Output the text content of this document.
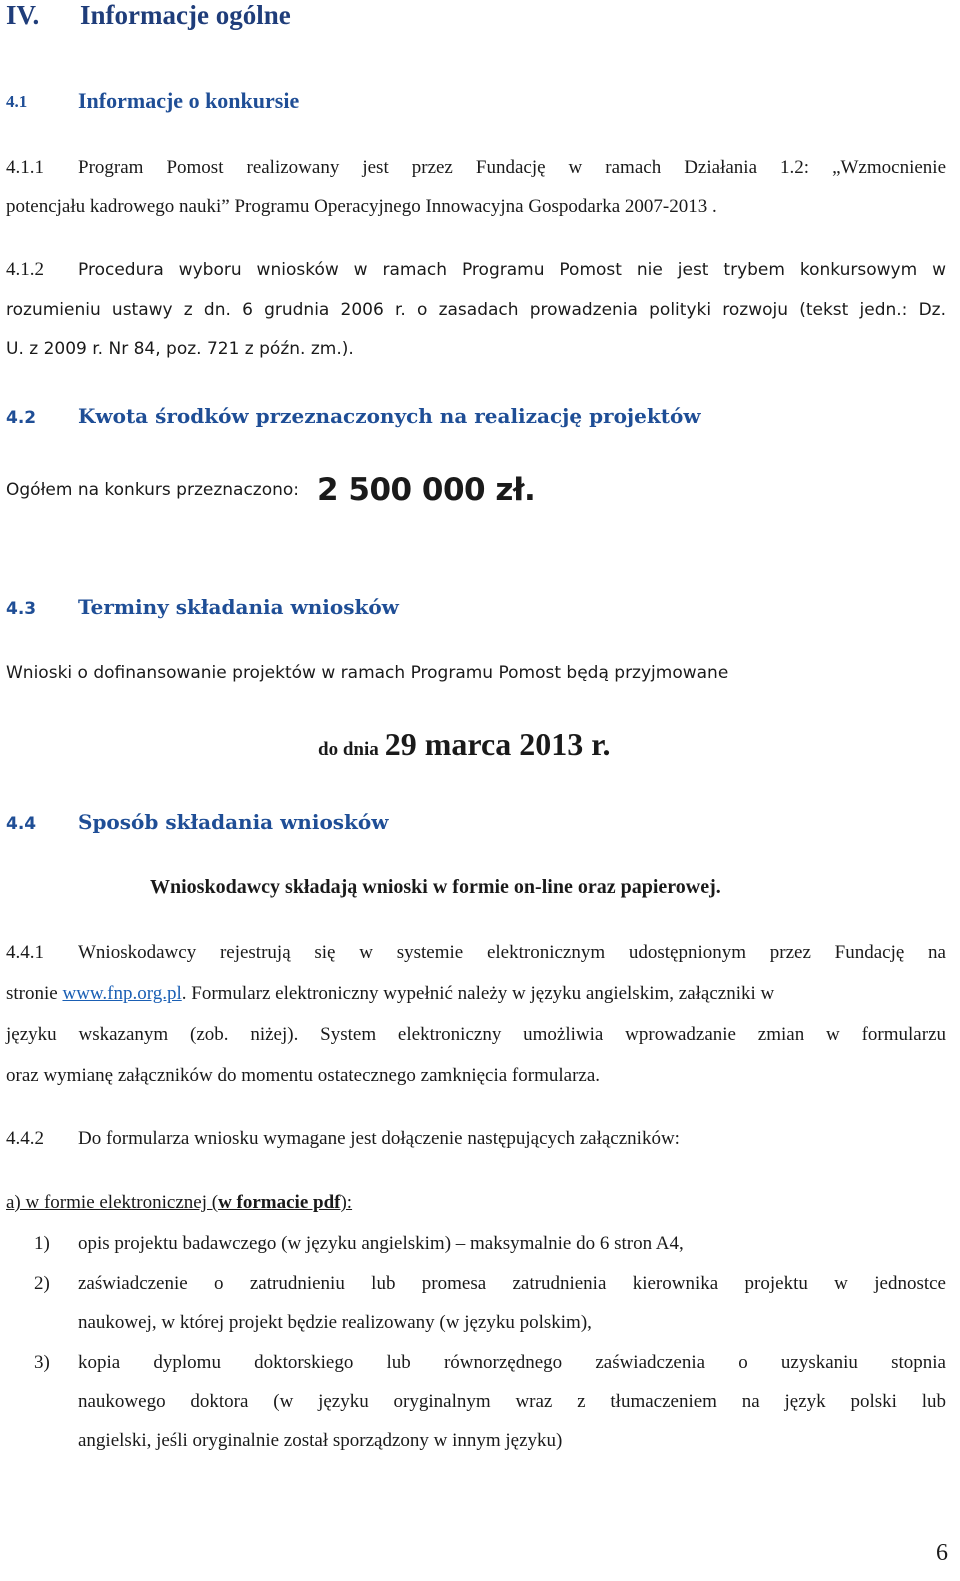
IV. Informacje ogólne
4.1 Informacje o konkursie
4.1.1 Program Pomost realizowany jest przez Fundację w ramach Działania 1.2: „Wzmocnienie
potencjału kadrowego nauki” Programu Operacyjnego Innowacyjna Gospodarka 2007-2013 .
4.1.2 Procedura wyboru wniosków w ramach Programu Pomost nie jest trybem konkursowym w
rozumieniu ustawy z dn. 6 grudnia 2006 r. o zasadach prowadzenia polityki rozwoju (tekst jedn.: Dz.
U. z 2009 r. Nr 84, poz. 721 z późn. zm.).
4.2 Kwota środków przeznaczonych na realizację projektów
Ogółem na konkurs przeznaczono: 2 500 000 zł.
4.3 Terminy składania wniosków
Wnioski o dofinansowanie projektów w ramach Programu Pomost będą przyjmowane
do dnia 29 marca 2013 r.
4.4 Sposób składania wniosków
Wnioskodawcy składają wnioski w formie on-line oraz papierowej.
4.4.1 Wnioskodawcy rejestrują się w systemie elektronicznym udostępnionym przez Fundację na
stronie www.fnp.org.pl. Formularz elektroniczny wypełnić należy w języku angielskim, załączniki w
języku wskazanym (zob. niżej). System elektroniczny umożliwia wprowadzanie zmian w formularzu
oraz wymianę załączników do momentu ostatecznego zamknięcia formularza.
4.4.2 Do formularza wniosku wymagane jest dołączenie następujących załączników:
a) w formie elektronicznej (w formacie pdf):
1) opis projektu badawczego (w języku angielskim) – maksymalnie do 6 stron A4,
2) zaświadczenie o zatrudnieniu lub promesa zatrudnienia kierownika projektu w jednostce
naukowej, w której projekt będzie realizowany (w języku polskim),
3) kopia dyplomu doktorskiego lub równorzędnego zaświadczenia o uzyskaniu stopnia
naukowego doktora (w języku oryginalnym wraz z tłumaczeniem na język polski lub
angielski, jeśli oryginalnie został sporządzony w innym języku)
6
